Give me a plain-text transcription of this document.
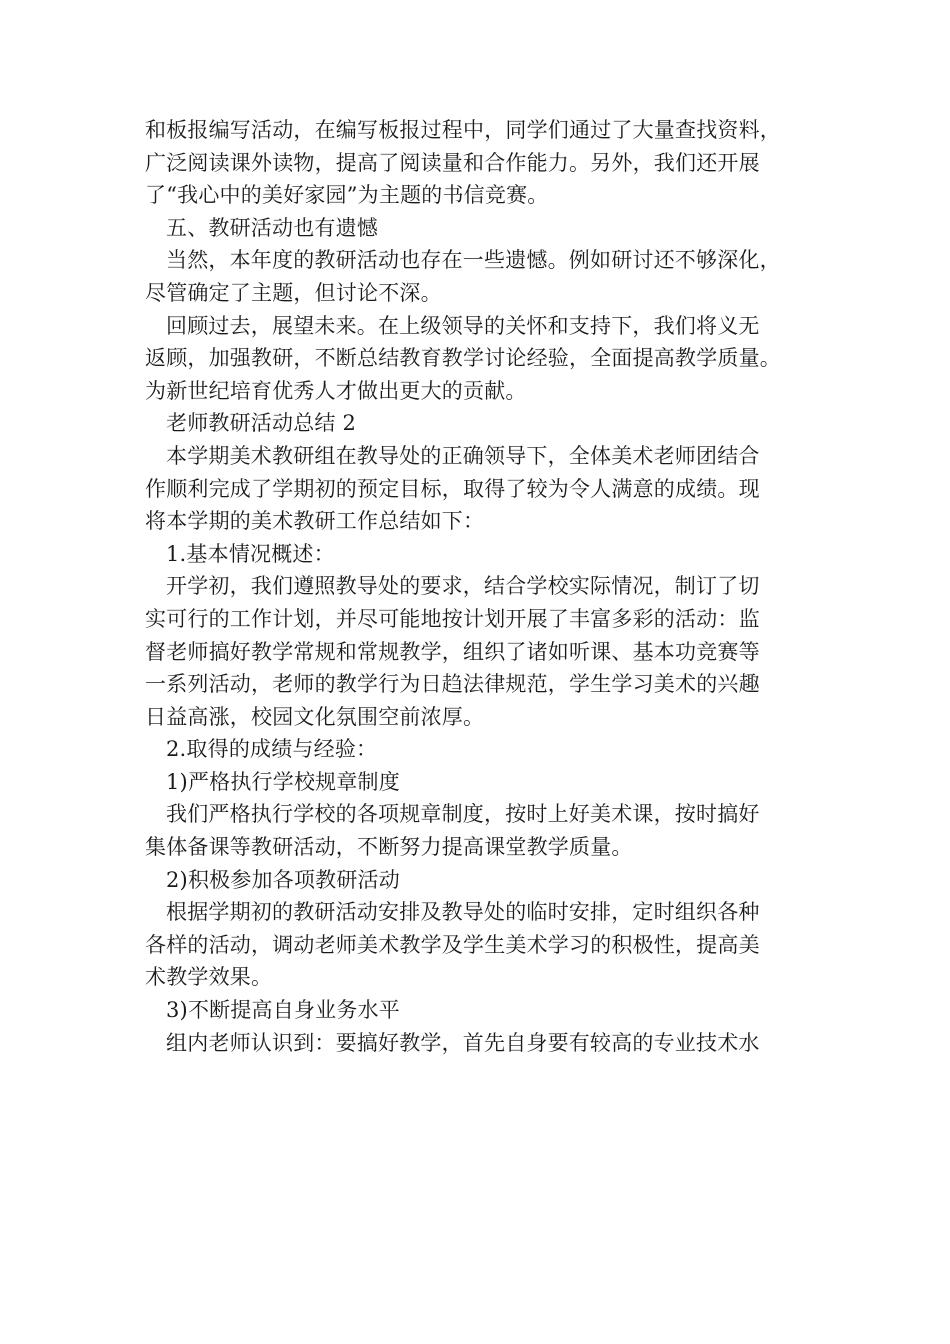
和板报编写活动，在编写板报过程中，同学们通过了大量查找资料，
广泛阅读课外读物，提高了阅读量和合作能力。另外，我们还开展
了“我心中的美好家园”为主题的书信竞赛。

五、教研活动也有遗憾

当然，本年度的教研活动也存在一些遗憾。例如研讨还不够深化，
尽管确定了主题，但讨论不深。

回顾过去，展望未来。在上级领导的关怀和支持下，我们将义无
返顾，加强教研，不断总结教育教学讨论经验，全面提高教学质量。
为新世纪培育优秀人才做出更大的贡献。

老师教研活动总结 2

本学期美术教研组在教导处的正确领导下，全体美术老师团结合
作顺利完成了学期初的预定目标，取得了较为令人满意的成绩。现
将本学期的美术教研工作总结如下：

1.基本情况概述：

开学初，我们遵照教导处的要求，结合学校实际情况，制订了切
实可行的工作计划，并尽可能地按计划开展了丰富多彩的活动：监
督老师搞好教学常规和常规教学，组织了诸如听课、基本功竞赛等
一系列活动，老师的教学行为日趋法律规范，学生学习美术的兴趣
日益高涨，校园文化氛围空前浓厚。

2.取得的成绩与经验：

1)严格执行学校规章制度

我们严格执行学校的各项规章制度，按时上好美术课，按时搞好
集体备课等教研活动，不断努力提高课堂教学质量。

2)积极参加各项教研活动

根据学期初的教研活动安排及教导处的临时安排，定时组织各种
各样的活动，调动老师美术教学及学生美术学习的积极性，提高美
术教学效果。

3)不断提高自身业务水平

组内老师认识到：要搞好教学，首先自身要有较高的专业技术水
